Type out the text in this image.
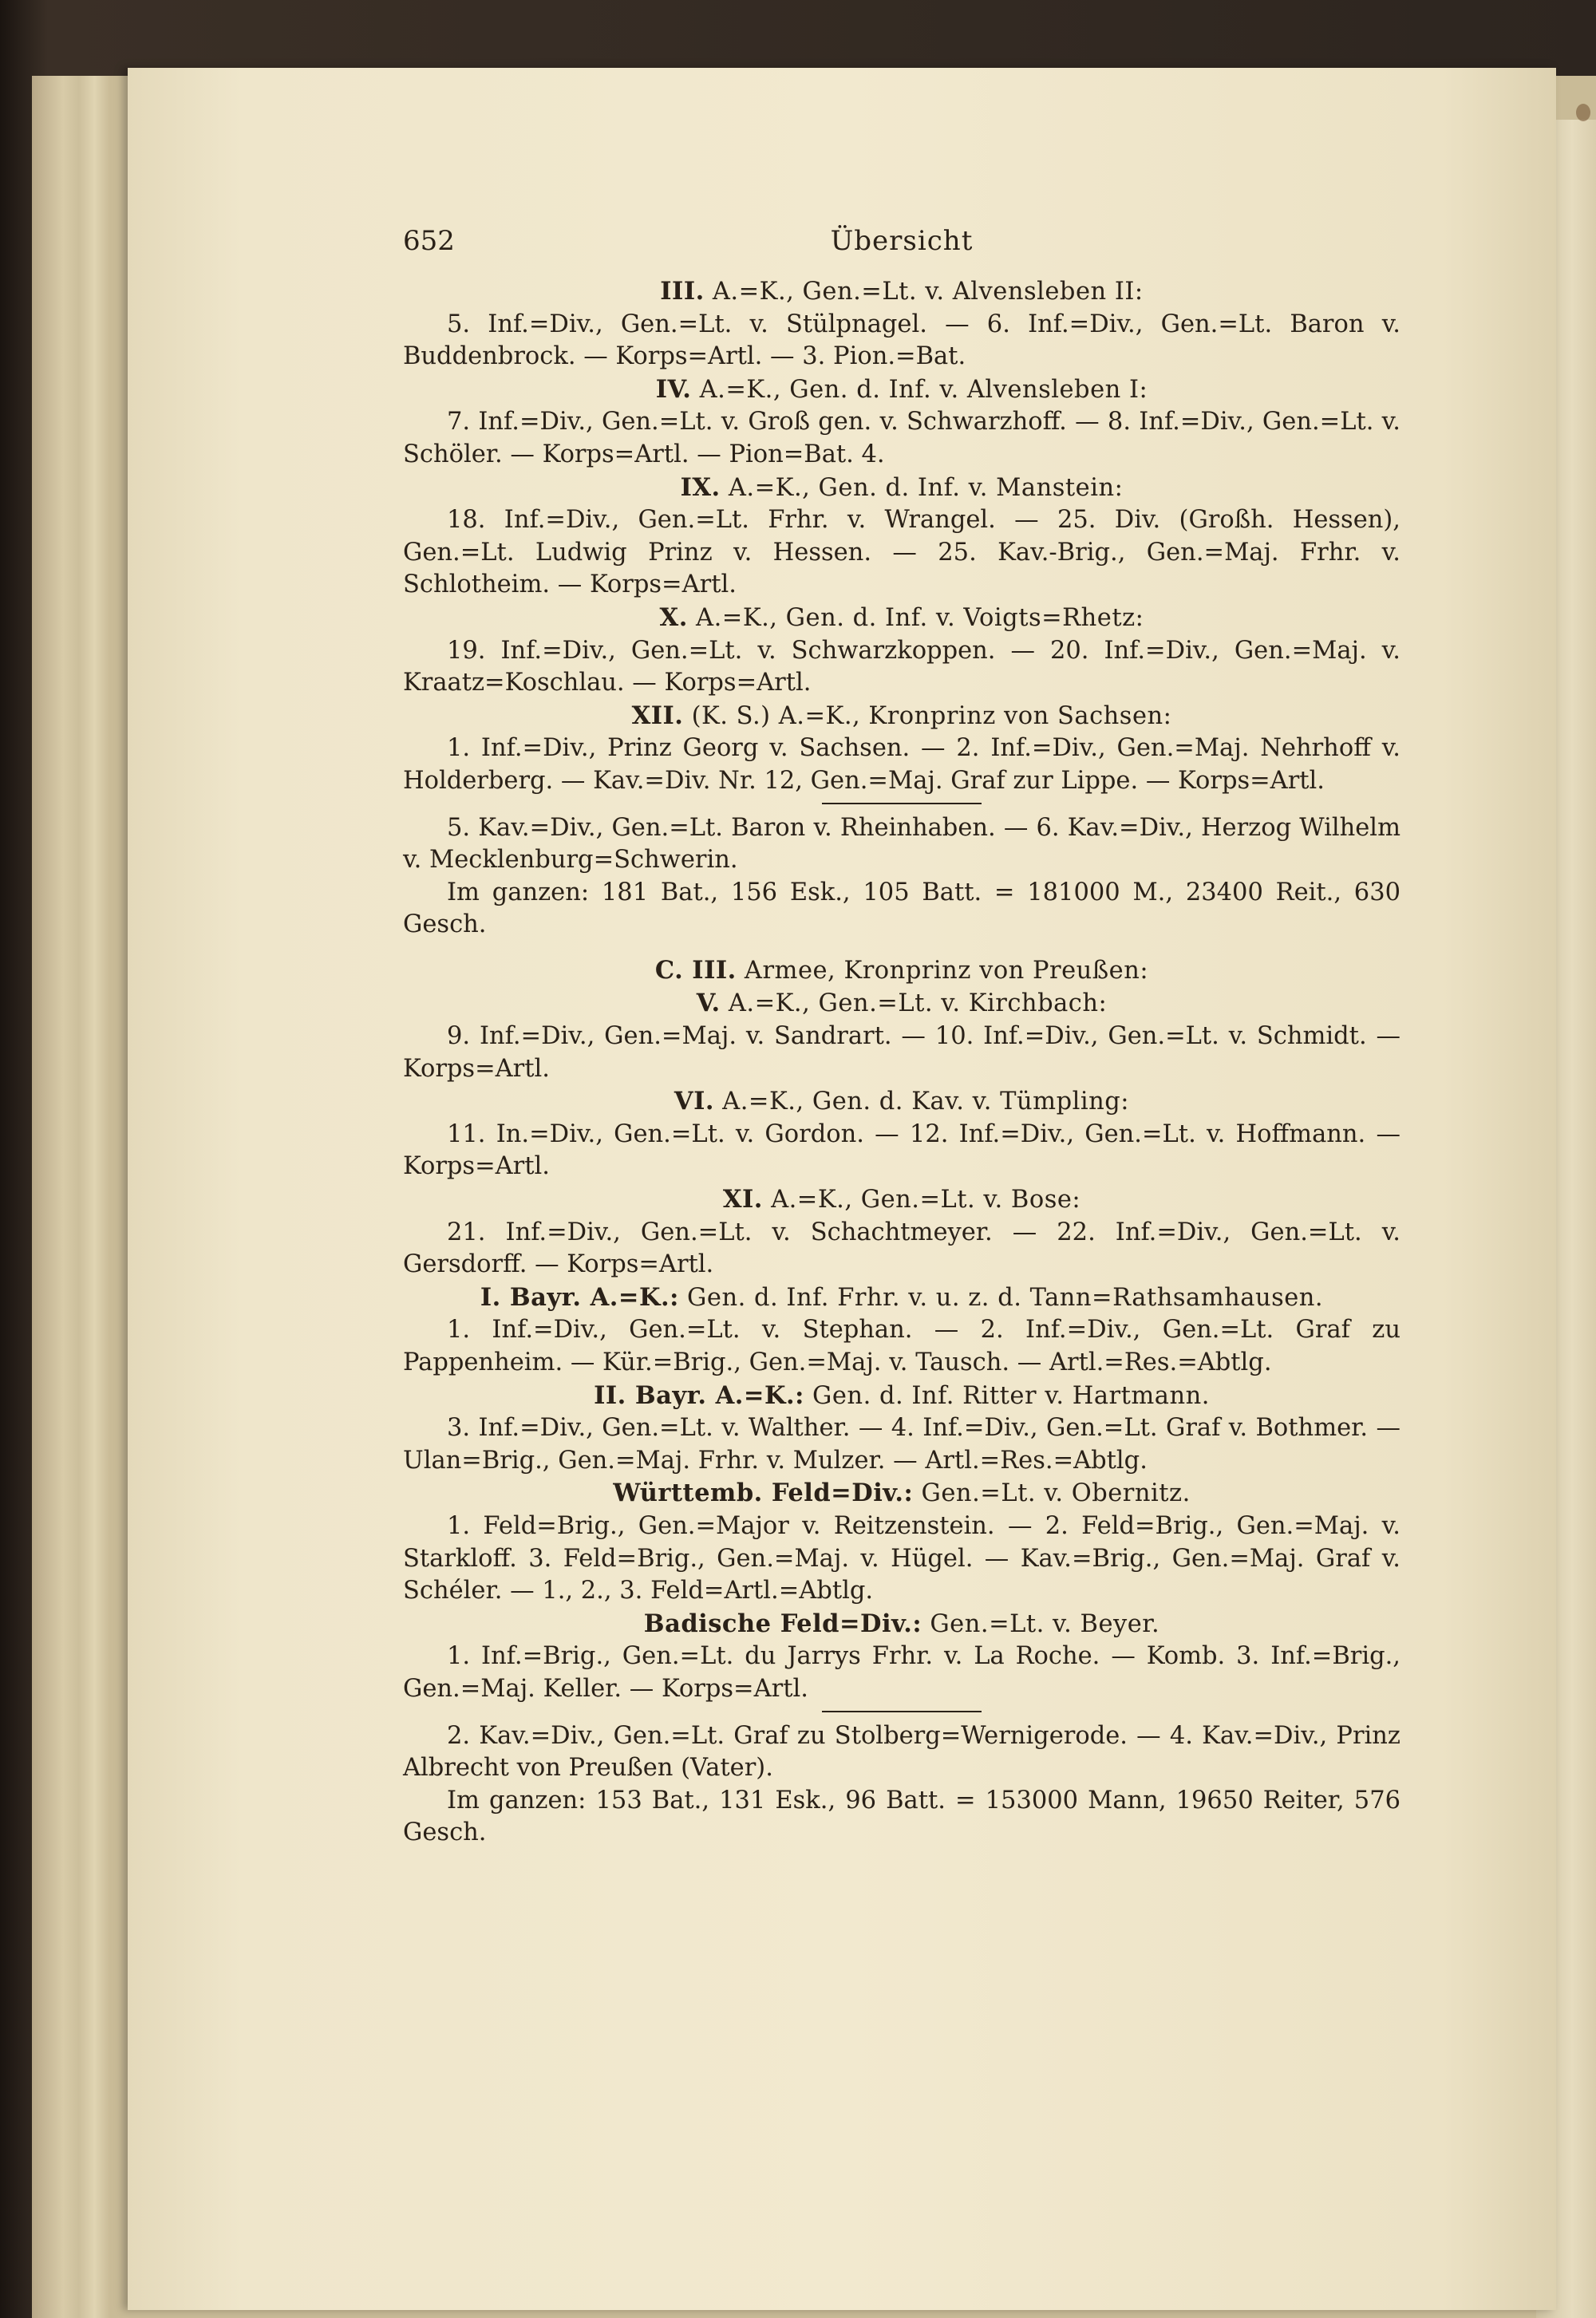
652	Übersicht
III. A.=K., Gen.=Lt. v. Alvensleben II:
5. Inf.=Div., Gen.=Lt. v. Stülpnagel. — 6. Inf.=Div., Gen.=Lt. Baron v. Buddenbrock. — Korps=Artl. — 3. Pion.=Bat.
IV. A.=K., Gen. d. Inf. v. Alvensleben I:
7. Inf.=Div., Gen.=Lt. v. Groß gen. v. Schwarzhoff. — 8. Inf.=Div., Gen.=Lt. v. Schöler. — Korps=Artl. — Pion=Bat. 4.
IX. A.=K., Gen. d. Inf. v. Manstein:
18. Inf.=Div., Gen.=Lt. Frhr. v. Wrangel. — 25. Div. (Großh. Hessen), Gen.=Lt. Ludwig Prinz v. Hessen. — 25. Kav.-Brig., Gen.=Maj. Frhr. v. Schlotheim. — Korps=Artl.
X. A.=K., Gen. d. Inf. v. Voigts=Rhetz:
19. Inf.=Div., Gen.=Lt. v. Schwarzkoppen. — 20. Inf.=Div., Gen.=Maj. v. Kraatz=Koschlau. — Korps=Artl.
XII. (K. S.) A.=K., Kronprinz von Sachsen:
1. Inf.=Div., Prinz Georg v. Sachsen. — 2. Inf.=Div., Gen.=Maj. Nehrhoff v. Holderberg. — Kav.=Div. Nr. 12, Gen.=Maj. Graf zur Lippe. — Korps=Artl.
5. Kav.=Div., Gen.=Lt. Baron v. Rheinhaben. — 6. Kav.=Div., Herzog Wilhelm v. Mecklenburg=Schwerin.
Im ganzen: 181 Bat., 156 Esk., 105 Batt. = 181000 M., 23400 Reit., 630 Gesch.
C. III. Armee, Kronprinz von Preußen:
V. A.=K., Gen.=Lt. v. Kirchbach:
9. Inf.=Div., Gen.=Maj. v. Sandrart. — 10. Inf.=Div., Gen.=Lt. v. Schmidt. — Korps=Artl.
VI. A.=K., Gen. d. Kav. v. Tümpling:
11. In.=Div., Gen.=Lt. v. Gordon. — 12. Inf.=Div., Gen.=Lt. v. Hoffmann. — Korps=Artl.
XI. A.=K., Gen.=Lt. v. Bose:
21. Inf.=Div., Gen.=Lt. v. Schachtmeyer. — 22. Inf.=Div., Gen.=Lt. v. Gersdorff. — Korps=Artl.
I. Bayr. A.=K.: Gen. d. Inf. Frhr. v. u. z. d. Tann=Rathsamhausen.
1. Inf.=Div., Gen.=Lt. v. Stephan. — 2. Inf.=Div., Gen.=Lt. Graf zu Pappenheim. — Kür.=Brig., Gen.=Maj. v. Tausch. — Artl.=Res.=Abtlg.
II. Bayr. A.=K.: Gen. d. Inf. Ritter v. Hartmann.
3. Inf.=Div., Gen.=Lt. v. Walther. — 4. Inf.=Div., Gen.=Lt. Graf v. Bothmer. — Ulan=Brig., Gen.=Maj. Frhr. v. Mulzer. — Artl.=Res.=Abtlg.
Württemb. Feld=Div.: Gen.=Lt. v. Obernitz.
1. Feld=Brig., Gen.=Major v. Reitzenstein. — 2. Feld=Brig., Gen.=Maj. v. Starkloff. 3. Feld=Brig., Gen.=Maj. v. Hügel. — Kav.=Brig., Gen.=Maj. Graf v. Schéler. — 1., 2., 3. Feld=Artl.=Abtlg.
Badische Feld=Div.: Gen.=Lt. v. Beyer.
1. Inf.=Brig., Gen.=Lt. du Jarrys Frhr. v. La Roche. — Komb. 3. Inf.=Brig., Gen.=Maj. Keller. — Korps=Artl.
2. Kav.=Div., Gen.=Lt. Graf zu Stolberg=Wernigerode. — 4. Kav.=Div., Prinz Albrecht von Preußen (Vater).
Im ganzen: 153 Bat., 131 Esk., 96 Batt. = 153000 Mann, 19650 Reiter, 576 Gesch.
